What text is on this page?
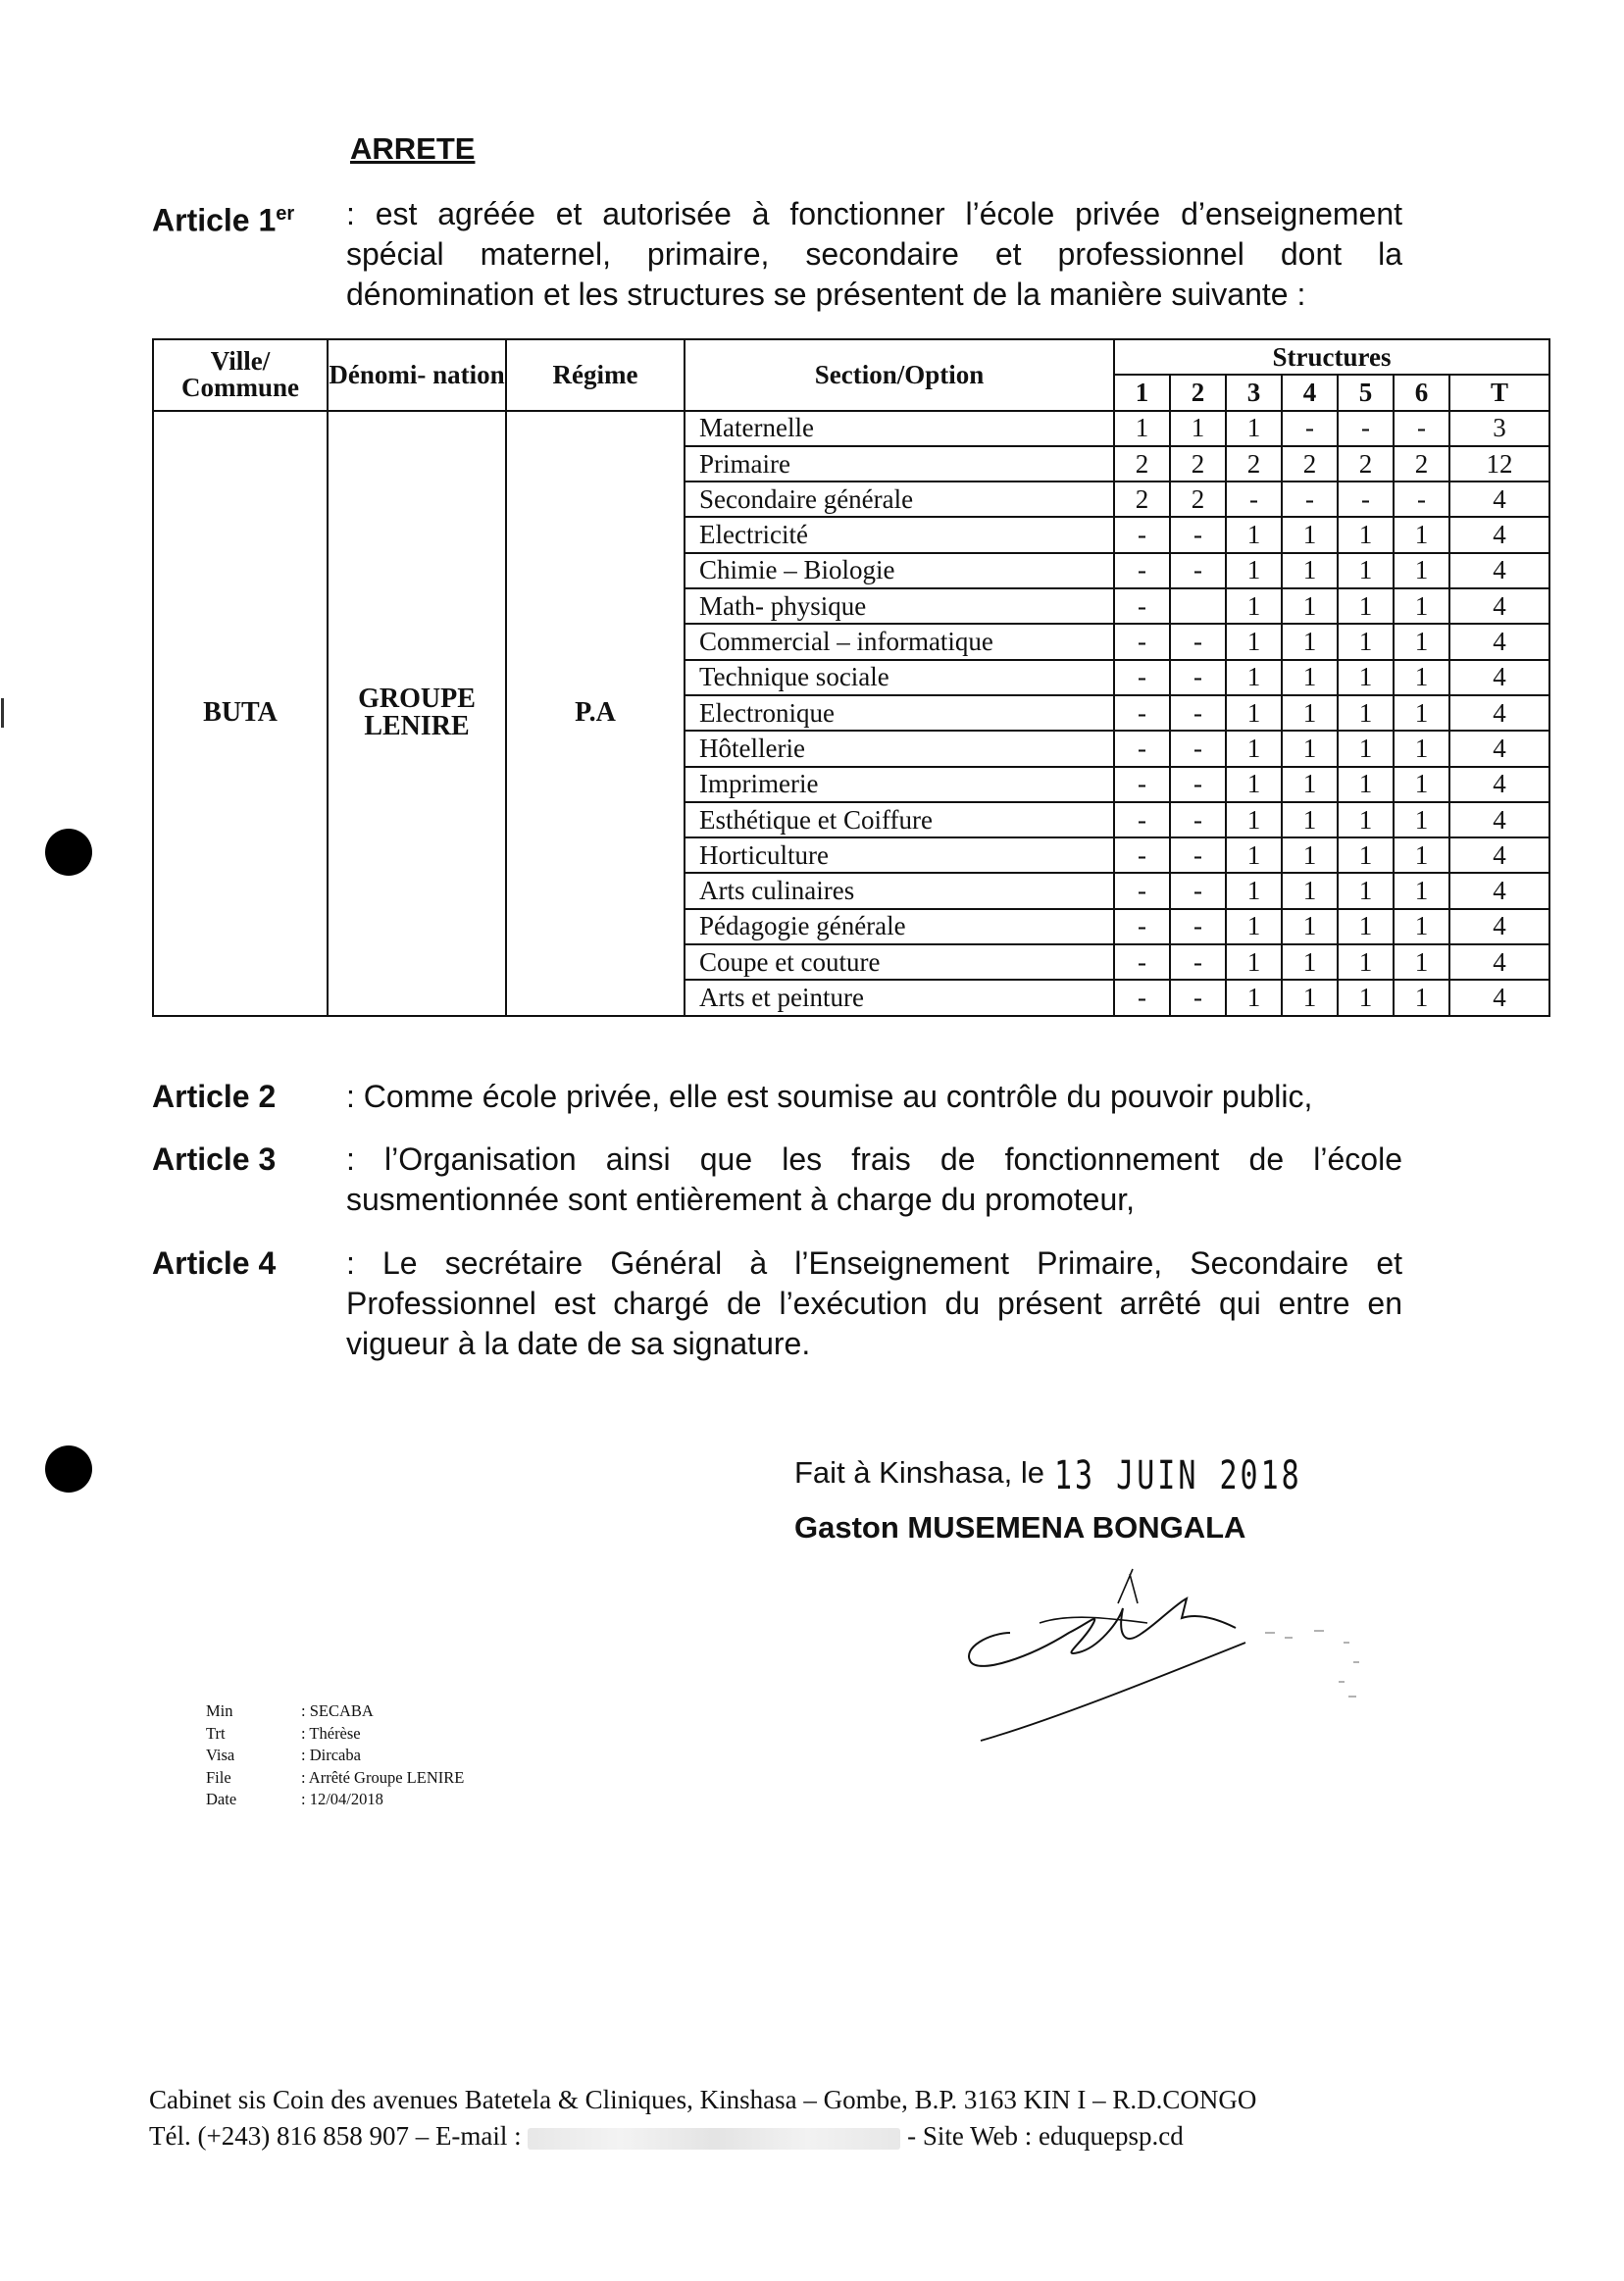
ARRETE
Article 1er : est agréée et autorisée à fonctionner l’école privée d’enseignement spécial maternel, primaire, secondaire et professionnel dont la dénomination et les structures se présentent de la manière suivante :
Ville/ Commune	Dénomi- nation	Régime	Section/Option	Structures						
				1	2	3	4	5	6	T
BUTA	GROUPE LENIRE	P.A	Maternelle	1	1	1	-	-	-	3
			Primaire	2	2	2	2	2	2	12
			Secondaire générale	2	2	-	-	-	-	4
			Electricité	-	-	1	1	1	1	4
			Chimie – Biologie	-	-	1	1	1	1	4
			Math- physique	-		1	1	1	1	4
			Commercial – informatique	-	-	1	1	1	1	4
			Technique sociale	-	-	1	1	1	1	4
			Electronique	-	-	1	1	1	1	4
			Hôtellerie	-	-	1	1	1	1	4
			Imprimerie	-	-	1	1	1	1	4
			Esthétique et Coiffure	-	-	1	1	1	1	4
			Horticulture	-	-	1	1	1	1	4
			Arts culinaires	-	-	1	1	1	1	4
			Pédagogie générale	-	-	1	1	1	1	4
			Coupe et couture	-	-	1	1	1	1	4
			Arts et peinture	-	-	1	1	1	1	4
Article 2 : Comme école privée, elle est soumise au contrôle du pouvoir public,
Article 3 : l’Organisation ainsi que les frais de fonctionnement de l’école susmentionnée sont entièrement à charge du promoteur,
Article 4 : Le secrétaire Général à l’Enseignement Primaire, Secondaire et Professionnel est chargé de l’exécution du présent arrêté qui entre en vigueur à la date de sa signature.
Fait à Kinshasa, le 13 JUIN 2018
Gaston MUSEMENA BONGALA
Min	: SECABA
Trt	: Thérèse
Visa	: Dircaba
File	: Arrêté Groupe LENIRE
Date	: 12/04/2018
Cabinet sis Coin des avenues Batetela & Cliniques, Kinshasa – Gombe, B.P. 3163 KIN I – R.D.CONGO
Tél. (+243) 816 858 907 – E-mail :	- Site Web : eduquepsp.cd
